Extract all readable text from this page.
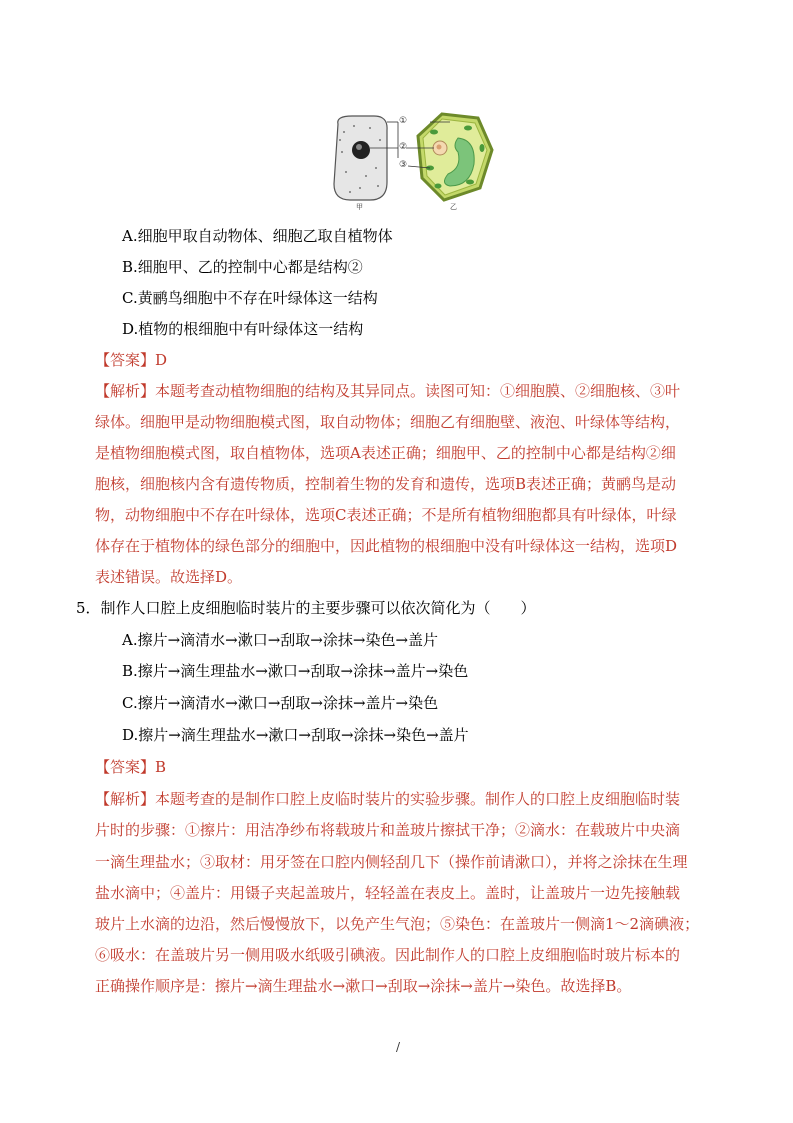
①
②
③
甲	乙
A.细胞甲取自动物体、细胞乙取自植物体
B.细胞甲、乙的控制中心都是结构②
C.黄鹂鸟细胞中不存在叶绿体这一结构
D.植物的根细胞中有叶绿体这一结构
【答案】D
【解析】本题考查动植物细胞的结构及其异同点。读图可知：①细胞膜、②细胞核、③叶
绿体。细胞甲是动物细胞模式图，取自动物体；细胞乙有细胞壁、液泡、叶绿体等结构，
是植物细胞模式图，取自植物体，选项A表述正确；细胞甲、乙的控制中心都是结构②细
胞核，细胞核内含有遗传物质，控制着生物的发育和遗传，选项B表述正确；黄鹂鸟是动
物，动物细胞中不存在叶绿体，选项C表述正确；不是所有植物细胞都具有叶绿体，叶绿
体存在于植物体的绿色部分的细胞中，因此植物的根细胞中没有叶绿体这一结构，选项D
表述错误。故选择D。
5．制作人口腔上皮细胞临时装片的主要步骤可以依次简化为（　　）
A.擦片→滴清水→漱口→刮取→涂抹→染色→盖片
B.擦片→滴生理盐水→漱口→刮取→涂抹→盖片→染色
C.擦片→滴清水→漱口→刮取→涂抹→盖片→染色
D.擦片→滴生理盐水→漱口→刮取→涂抹→染色→盖片
【答案】B
【解析】本题考查的是制作口腔上皮临时装片的实验步骤。制作人的口腔上皮细胞临时装
片时的步骤：①擦片：用洁净纱布将载玻片和盖玻片擦拭干净；②滴水：在载玻片中央滴
一滴生理盐水；③取材：用牙签在口腔内侧轻刮几下（操作前请漱口），并将之涂抹在生理
盐水滴中；④盖片：用镊子夹起盖玻片，轻轻盖在表皮上。盖时，让盖玻片一边先接触载
玻片上水滴的边沿，然后慢慢放下，以免产生气泡；⑤染色：在盖玻片一侧滴1～2滴碘液；
⑥吸水：在盖玻片另一侧用吸水纸吸引碘液。因此制作人的口腔上皮细胞临时玻片标本的
正确操作顺序是：擦片→滴生理盐水→漱口→刮取→涂抹→盖片→染色。故选择B。
/
